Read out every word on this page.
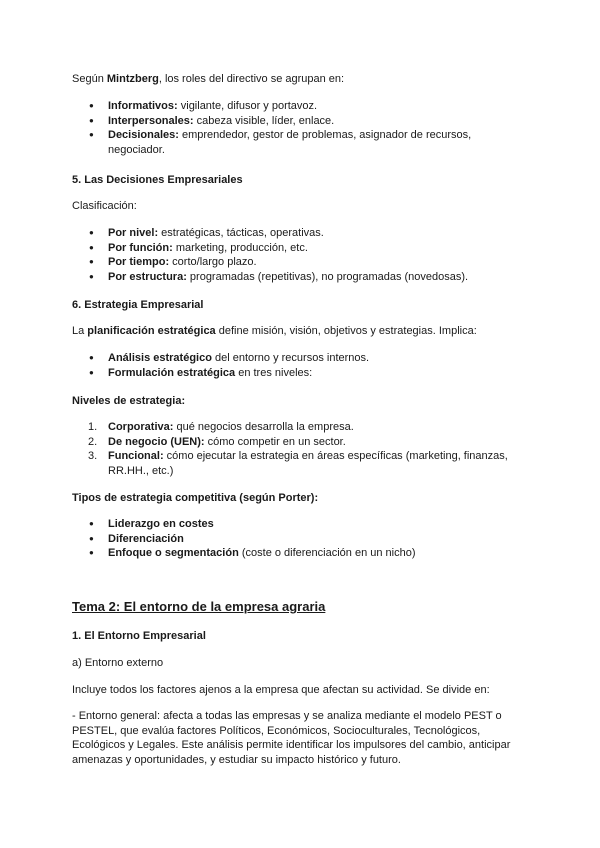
Según Mintzberg, los roles del directivo se agrupan en:

● Informativos: vigilante, difusor y portavoz.
● Interpersonales: cabeza visible, líder, enlace.
● Decisionales: emprendedor, gestor de problemas, asignador de recursos, negociador.

5. Las Decisiones Empresariales

Clasificación:

● Por nivel: estratégicas, tácticas, operativas.
● Por función: marketing, producción, etc.
● Por tiempo: corto/largo plazo.
● Por estructura: programadas (repetitivas), no programadas (novedosas).

6. Estrategia Empresarial

La planificación estratégica define misión, visión, objetivos y estrategias. Implica:

● Análisis estratégico del entorno y recursos internos.
● Formulación estratégica en tres niveles:

Niveles de estrategia:

1. Corporativa: qué negocios desarrolla la empresa.
2. De negocio (UEN): cómo competir en un sector.
3. Funcional: cómo ejecutar la estrategia en áreas específicas (marketing, finanzas, RR.HH., etc.)

Tipos de estrategia competitiva (según Porter):

● Liderazgo en costes
● Diferenciación
● Enfoque o segmentación (coste o diferenciación en un nicho)

Tema 2: El entorno de la empresa agraria

1. El Entorno Empresarial

a) Entorno externo

Incluye todos los factores ajenos a la empresa que afectan su actividad. Se divide en:

- Entorno general: afecta a todas las empresas y se analiza mediante el modelo PEST o PESTEL, que evalúa factores Políticos, Económicos, Socioculturales, Tecnológicos, Ecológicos y Legales. Este análisis permite identificar los impulsores del cambio, anticipar amenazas y oportunidades, y estudiar su impacto histórico y futuro.
